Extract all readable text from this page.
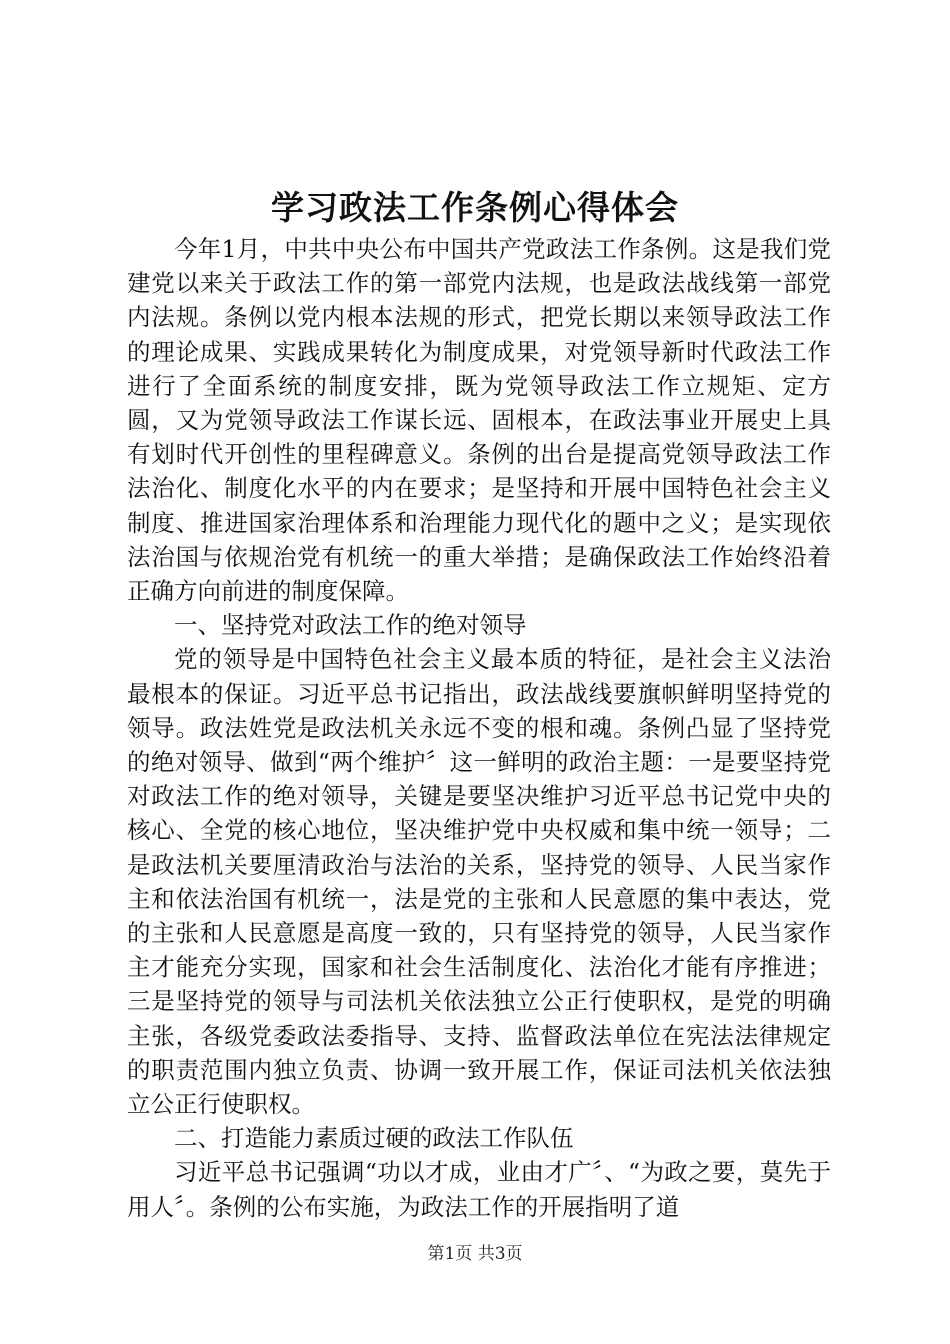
学习政法工作条例心得体会

今年1月，中共中央公布中国共产党政法工作条例。这是我们党建党以来关于政法工作的第一部党内法规，也是政法战线第一部党内法规。条例以党内根本法规的形式，把党长期以来领导政法工作的理论成果、实践成果转化为制度成果，对党领导新时代政法工作进行了全面系统的制度安排，既为党领导政法工作立规矩、定方圆，又为党领导政法工作谋长远、固根本，在政法事业开展史上具有划时代开创性的里程碑意义。条例的出台是提高党领导政法工作法治化、制度化水平的内在要求；是坚持和开展中国特色社会主义制度、推进国家治理体系和治理能力现代化的题中之义；是实现依法治国与依规治党有机统一的重大举措；是确保政法工作始终沿着正确方向前进的制度保障。

一、坚持党对政法工作的绝对领导

党的领导是中国特色社会主义最本质的特征，是社会主义法治最根本的保证。习近平总书记指出，政法战线要旗帜鲜明坚持党的领导。政法姓党是政法机关永远不变的根和魂。条例凸显了坚持党的绝对领导、做到“两个维护〞这一鲜明的政治主题：一是要坚持党对政法工作的绝对领导，关键是要坚决维护习近平总书记党中央的核心、全党的核心地位，坚决维护党中央权威和集中统一领导；二是政法机关要厘清政治与法治的关系，坚持党的领导、人民当家作主和依法治国有机统一，法是党的主张和人民意愿的集中表达，党的主张和人民意愿是高度一致的，只有坚持党的领导，人民当家作主才能充分实现，国家和社会生活制度化、法治化才能有序推进；三是坚持党的领导与司法机关依法独立公正行使职权，是党的明确主张，各级党委政法委指导、支持、监督政法单位在宪法法律规定的职责范围内独立负责、协调一致开展工作，保证司法机关依法独立公正行使职权。

二、打造能力素质过硬的政法工作队伍

习近平总书记强调“功以才成，业由才广〞、“为政之要，莫先于用人〞。条例的公布实施，为政法工作的开展指明了道

第1页 共3页
